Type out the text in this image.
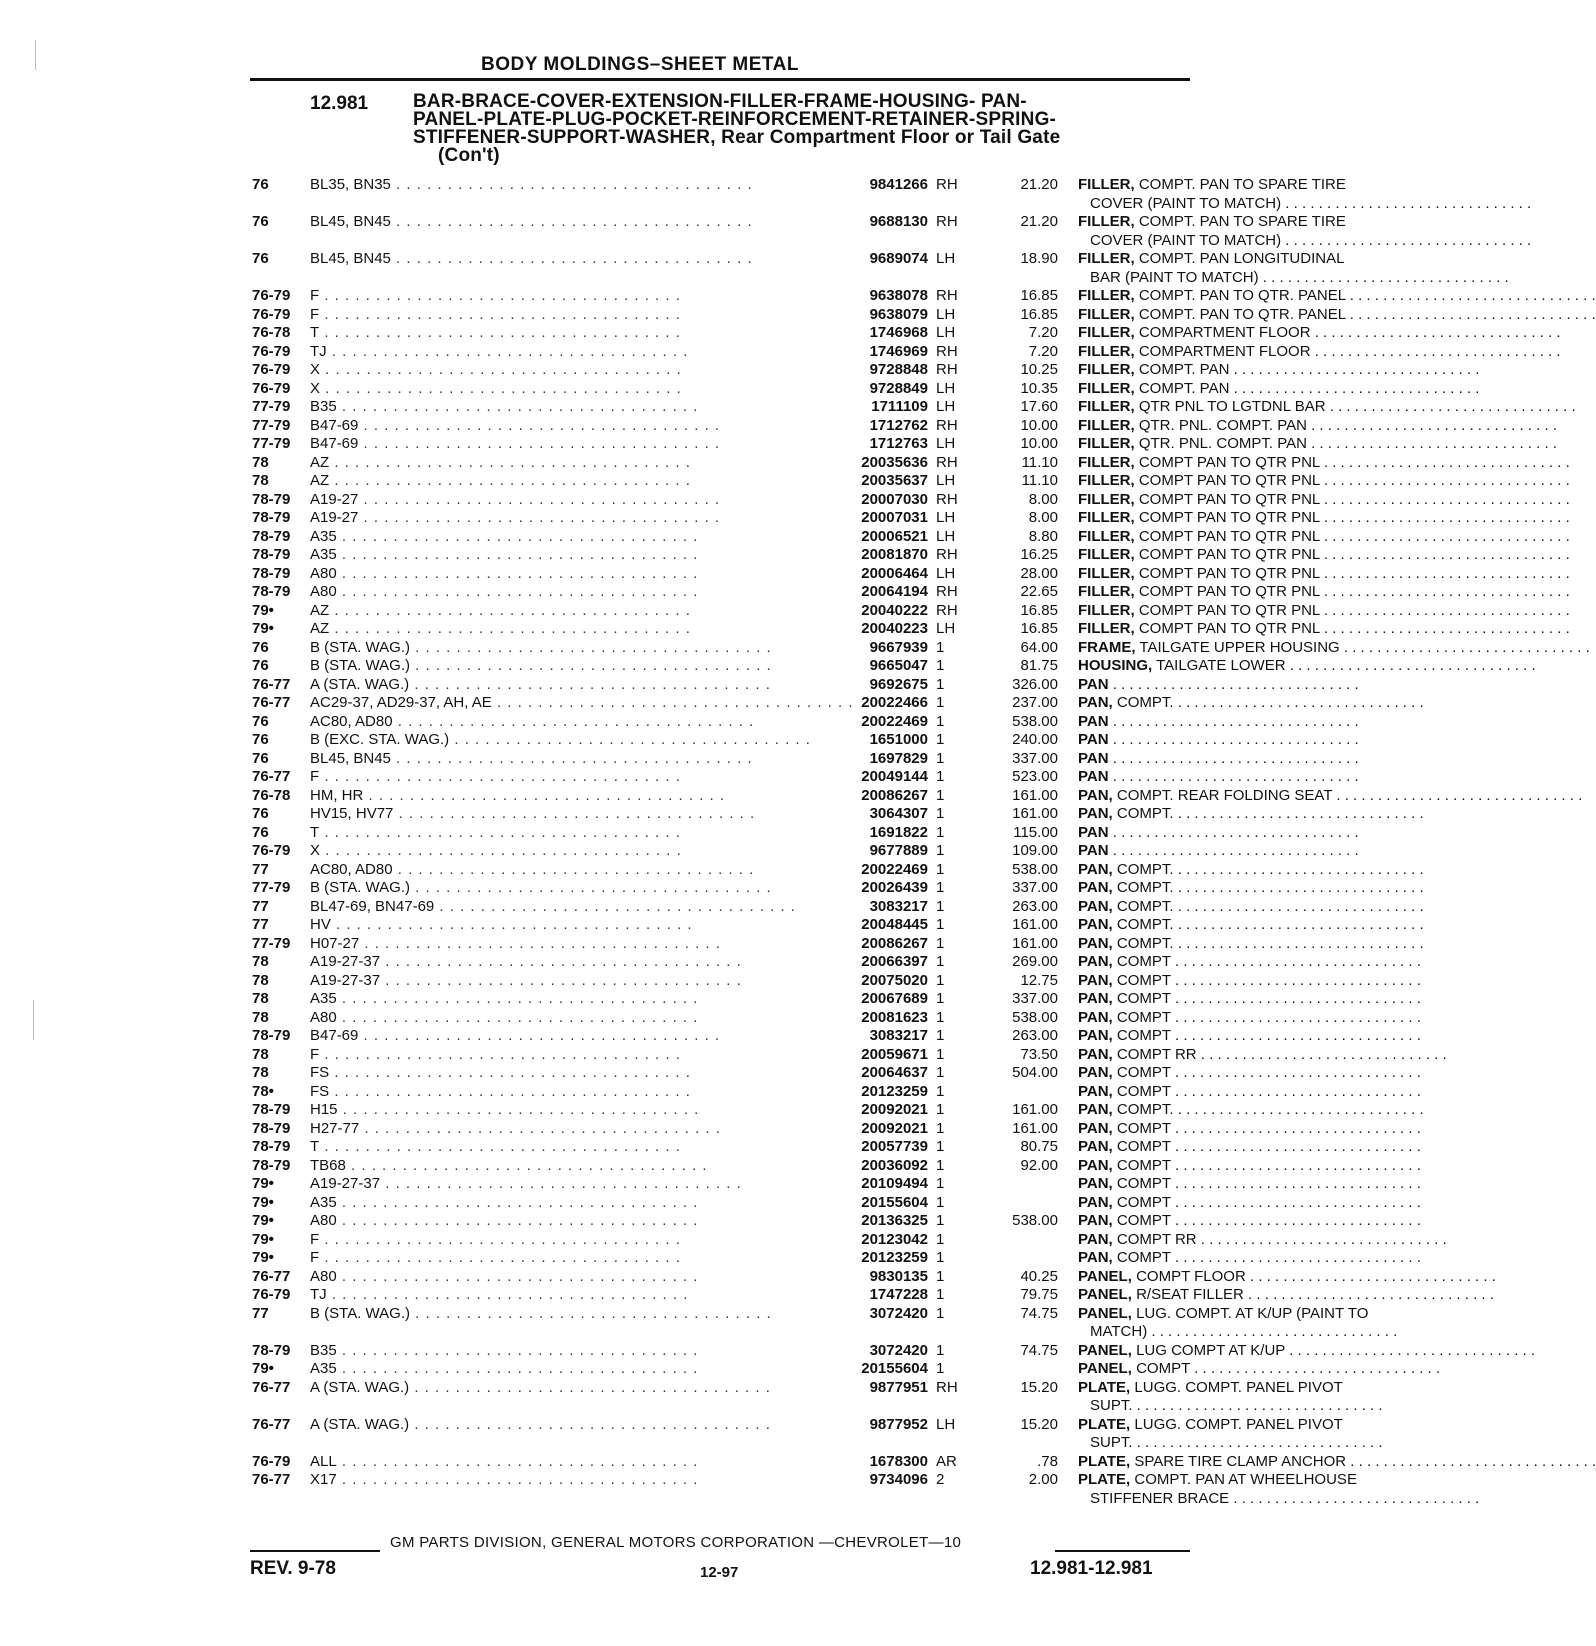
BODY MOLDINGS–SHEET METAL
12.981 BAR-BRACE-COVER-EXTENSION-FILLER-FRAME-HOUSING- PAN-
PANEL-PLATE-PLUG-POCKET-REINFORCEMENT-RETAINER-SPRING-
STIFFENER-SUPPORT-WASHER, Rear Compartment Floor or Tail Gate
(Con't)
76	BL35, BN35 . . . . . . . . . . . . . . . . . . . . . . . . . . . . . . . . . . .	9841266 RH	21.20 FILLER, COMPT. PAN TO SPARE TIRE
COVER (PAINT TO MATCH) . . . . . . . . . . . . . . . . . . . . . . . . . . . . . .
76	BL45, BN45 . . . . . . . . . . . . . . . . . . . . . . . . . . . . . . . . . . .	9688130 RH	21.20 FILLER, COMPT. PAN TO SPARE TIRE
COVER (PAINT TO MATCH) . . . . . . . . . . . . . . . . . . . . . . . . . . . . . .
76	BL45, BN45 . . . . . . . . . . . . . . . . . . . . . . . . . . . . . . . . . . .	9689074 LH	18.90 FILLER, COMPT. PAN LONGITUDINAL
BAR (PAINT TO MATCH) . . . . . . . . . . . . . . . . . . . . . . . . . . . . . .
76-79	F . . . . . . . . . . . . . . . . . . . . . . . . . . . . . . . . . . .	9638078 RH	16.85 FILLER, COMPT. PAN TO QTR. PANEL . . . . . . . . . . . . . . . . . . . . . . . . . . . . . .
76-79	F . . . . . . . . . . . . . . . . . . . . . . . . . . . . . . . . . . .	9638079 LH	16.85 FILLER, COMPT. PAN TO QTR. PANEL . . . . . . . . . . . . . . . . . . . . . . . . . . . . . .
76-78	T . . . . . . . . . . . . . . . . . . . . . . . . . . . . . . . . . . .	1746968 LH	7.20 FILLER, COMPARTMENT FLOOR . . . . . . . . . . . . . . . . . . . . . . . . . . . . . .
76-79	TJ . . . . . . . . . . . . . . . . . . . . . . . . . . . . . . . . . . .	1746969 RH	7.20 FILLER, COMPARTMENT FLOOR . . . . . . . . . . . . . . . . . . . . . . . . . . . . . .
76-79	X . . . . . . . . . . . . . . . . . . . . . . . . . . . . . . . . . . .	9728848 RH	10.25 FILLER, COMPT. PAN . . . . . . . . . . . . . . . . . . . . . . . . . . . . . .
76-79	X . . . . . . . . . . . . . . . . . . . . . . . . . . . . . . . . . . .	9728849 LH	10.35 FILLER, COMPT. PAN . . . . . . . . . . . . . . . . . . . . . . . . . . . . . .
77-79	B35 . . . . . . . . . . . . . . . . . . . . . . . . . . . . . . . . . . .	1711109 LH	17.60 FILLER, QTR PNL TO LGTDNL BAR . . . . . . . . . . . . . . . . . . . . . . . . . . . . . .
77-79	B47-69 . . . . . . . . . . . . . . . . . . . . . . . . . . . . . . . . . . .	1712762 RH	10.00 FILLER, QTR. PNL. COMPT. PAN . . . . . . . . . . . . . . . . . . . . . . . . . . . . . .
77-79	B47-69 . . . . . . . . . . . . . . . . . . . . . . . . . . . . . . . . . . .	1712763 LH	10.00 FILLER, QTR. PNL. COMPT. PAN . . . . . . . . . . . . . . . . . . . . . . . . . . . . . .
78	AZ . . . . . . . . . . . . . . . . . . . . . . . . . . . . . . . . . . .	20035636 RH	11.10 FILLER, COMPT PAN TO QTR PNL . . . . . . . . . . . . . . . . . . . . . . . . . . . . . .
78	AZ . . . . . . . . . . . . . . . . . . . . . . . . . . . . . . . . . . .	20035637 LH	11.10 FILLER, COMPT PAN TO QTR PNL . . . . . . . . . . . . . . . . . . . . . . . . . . . . . .
78-79	A19-27 . . . . . . . . . . . . . . . . . . . . . . . . . . . . . . . . . . .	20007030 RH	8.00 FILLER, COMPT PAN TO QTR PNL . . . . . . . . . . . . . . . . . . . . . . . . . . . . . .
78-79	A19-27 . . . . . . . . . . . . . . . . . . . . . . . . . . . . . . . . . . .	20007031 LH	8.00 FILLER, COMPT PAN TO QTR PNL . . . . . . . . . . . . . . . . . . . . . . . . . . . . . .
78-79	A35 . . . . . . . . . . . . . . . . . . . . . . . . . . . . . . . . . . .	20006521 LH	8.80 FILLER, COMPT PAN TO QTR PNL . . . . . . . . . . . . . . . . . . . . . . . . . . . . . .
78-79	A35 . . . . . . . . . . . . . . . . . . . . . . . . . . . . . . . . . . .	20081870 RH	16.25 FILLER, COMPT PAN TO QTR PNL . . . . . . . . . . . . . . . . . . . . . . . . . . . . . .
78-79	A80 . . . . . . . . . . . . . . . . . . . . . . . . . . . . . . . . . . .	20006464 LH	28.00 FILLER, COMPT PAN TO QTR PNL . . . . . . . . . . . . . . . . . . . . . . . . . . . . . .
78-79	A80 . . . . . . . . . . . . . . . . . . . . . . . . . . . . . . . . . . .	20064194 RH	22.65 FILLER, COMPT PAN TO QTR PNL . . . . . . . . . . . . . . . . . . . . . . . . . . . . . .
79•	AZ . . . . . . . . . . . . . . . . . . . . . . . . . . . . . . . . . . .	20040222 RH	16.85 FILLER, COMPT PAN TO QTR PNL . . . . . . . . . . . . . . . . . . . . . . . . . . . . . .
79•	AZ . . . . . . . . . . . . . . . . . . . . . . . . . . . . . . . . . . .	20040223 LH	16.85 FILLER, COMPT PAN TO QTR PNL . . . . . . . . . . . . . . . . . . . . . . . . . . . . . .
76	B (STA. WAG.) . . . . . . . . . . . . . . . . . . . . . . . . . . . . . . . . . . .	9667939 1	64.00 FRAME, TAILGATE UPPER HOUSING . . . . . . . . . . . . . . . . . . . . . . . . . . . . . .
76	B (STA. WAG.) . . . . . . . . . . . . . . . . . . . . . . . . . . . . . . . . . . .	9665047 1	81.75 HOUSING, TAILGATE LOWER . . . . . . . . . . . . . . . . . . . . . . . . . . . . . .
76-77	A (STA. WAG.) . . . . . . . . . . . . . . . . . . . . . . . . . . . . . . . . . . .	9692675 1	326.00 PAN . . . . . . . . . . . . . . . . . . . . . . . . . . . . . .
76-77	AC29-37, AD29-37, AH, AE . . . . . . . . . . . . . . . . . . . . . . . . . . . . . . . . . . . 20022466 1	237.00 PAN, COMPT. . . . . . . . . . . . . . . . . . . . . . . . . . . . . . .
76	AC80, AD80 . . . . . . . . . . . . . . . . . . . . . . . . . . . . . . . . . . .	20022469 1	538.00 PAN . . . . . . . . . . . . . . . . . . . . . . . . . . . . . .
76	B (EXC. STA. WAG.) . . . . . . . . . . . . . . . . . . . . . . . . . . . . . . . . . . .	1651000 1	240.00 PAN . . . . . . . . . . . . . . . . . . . . . . . . . . . . . .
76	BL45, BN45 . . . . . . . . . . . . . . . . . . . . . . . . . . . . . . . . . . .	1697829 1	337.00 PAN . . . . . . . . . . . . . . . . . . . . . . . . . . . . . .
76-77	F . . . . . . . . . . . . . . . . . . . . . . . . . . . . . . . . . . .	20049144 1	523.00 PAN . . . . . . . . . . . . . . . . . . . . . . . . . . . . . .
76-78	HM, HR . . . . . . . . . . . . . . . . . . . . . . . . . . . . . . . . . . .	20086267 1	161.00 PAN, COMPT. REAR FOLDING SEAT . . . . . . . . . . . . . . . . . . . . . . . . . . . . . .
76	HV15, HV77 . . . . . . . . . . . . . . . . . . . . . . . . . . . . . . . . . . .	3064307 1	161.00 PAN, COMPT. . . . . . . . . . . . . . . . . . . . . . . . . . . . . . .
76	T . . . . . . . . . . . . . . . . . . . . . . . . . . . . . . . . . . .	1691822 1	115.00 PAN . . . . . . . . . . . . . . . . . . . . . . . . . . . . . .
76-79	X . . . . . . . . . . . . . . . . . . . . . . . . . . . . . . . . . . .	9677889 1	109.00 PAN . . . . . . . . . . . . . . . . . . . . . . . . . . . . . .
77	AC80, AD80 . . . . . . . . . . . . . . . . . . . . . . . . . . . . . . . . . . .	20022469 1	538.00 PAN, COMPT. . . . . . . . . . . . . . . . . . . . . . . . . . . . . . .
77-79	B (STA. WAG.) . . . . . . . . . . . . . . . . . . . . . . . . . . . . . . . . . . .	20026439 1	337.00 PAN, COMPT. . . . . . . . . . . . . . . . . . . . . . . . . . . . . . .
77	BL47-69, BN47-69 . . . . . . . . . . . . . . . . . . . . . . . . . . . . . . . . . . .	3083217 1	263.00 PAN, COMPT. . . . . . . . . . . . . . . . . . . . . . . . . . . . . . .
77	HV . . . . . . . . . . . . . . . . . . . . . . . . . . . . . . . . . . .	20048445 1	161.00 PAN, COMPT. . . . . . . . . . . . . . . . . . . . . . . . . . . . . . .
77-79	H07-27 . . . . . . . . . . . . . . . . . . . . . . . . . . . . . . . . . . .	20086267 1	161.00 PAN, COMPT. . . . . . . . . . . . . . . . . . . . . . . . . . . . . . .
78	A19-27-37 . . . . . . . . . . . . . . . . . . . . . . . . . . . . . . . . . . .	20066397 1	269.00 PAN, COMPT . . . . . . . . . . . . . . . . . . . . . . . . . . . . . .
78	A19-27-37 . . . . . . . . . . . . . . . . . . . . . . . . . . . . . . . . . . .	20075020 1	12.75 PAN, COMPT . . . . . . . . . . . . . . . . . . . . . . . . . . . . . .
78	A35 . . . . . . . . . . . . . . . . . . . . . . . . . . . . . . . . . . .	20067689 1	337.00 PAN, COMPT . . . . . . . . . . . . . . . . . . . . . . . . . . . . . .
78	A80 . . . . . . . . . . . . . . . . . . . . . . . . . . . . . . . . . . .	20081623 1	538.00 PAN, COMPT . . . . . . . . . . . . . . . . . . . . . . . . . . . . . .
78-79	B47-69 . . . . . . . . . . . . . . . . . . . . . . . . . . . . . . . . . . .	3083217 1	263.00 PAN, COMPT . . . . . . . . . . . . . . . . . . . . . . . . . . . . . .
78	F . . . . . . . . . . . . . . . . . . . . . . . . . . . . . . . . . . .	20059671 1	73.50 PAN, COMPT RR . . . . . . . . . . . . . . . . . . . . . . . . . . . . . .
78	FS . . . . . . . . . . . . . . . . . . . . . . . . . . . . . . . . . . .	20064637 1	504.00 PAN, COMPT . . . . . . . . . . . . . . . . . . . . . . . . . . . . . .
78•	FS . . . . . . . . . . . . . . . . . . . . . . . . . . . . . . . . . . .	20123259 1	PAN, COMPT . . . . . . . . . . . . . . . . . . . . . . . . . . . . . .
78-79	H15 . . . . . . . . . . . . . . . . . . . . . . . . . . . . . . . . . . .	20092021 1	161.00 PAN, COMPT. . . . . . . . . . . . . . . . . . . . . . . . . . . . . . .
78-79	H27-77 . . . . . . . . . . . . . . . . . . . . . . . . . . . . . . . . . . .	20092021 1	161.00 PAN, COMPT . . . . . . . . . . . . . . . . . . . . . . . . . . . . . .
78-79	T . . . . . . . . . . . . . . . . . . . . . . . . . . . . . . . . . . .	20057739 1	80.75 PAN, COMPT . . . . . . . . . . . . . . . . . . . . . . . . . . . . . .
78-79	TB68 . . . . . . . . . . . . . . . . . . . . . . . . . . . . . . . . . . .	20036092 1	92.00 PAN, COMPT . . . . . . . . . . . . . . . . . . . . . . . . . . . . . .
79•	A19-27-37 . . . . . . . . . . . . . . . . . . . . . . . . . . . . . . . . . . .	20109494 1	PAN, COMPT . . . . . . . . . . . . . . . . . . . . . . . . . . . . . .
79•	A35 . . . . . . . . . . . . . . . . . . . . . . . . . . . . . . . . . . .	20155604 1	PAN, COMPT . . . . . . . . . . . . . . . . . . . . . . . . . . . . . .
79•	A80 . . . . . . . . . . . . . . . . . . . . . . . . . . . . . . . . . . .	20136325 1	538.00 PAN, COMPT . . . . . . . . . . . . . . . . . . . . . . . . . . . . . .
79•	F . . . . . . . . . . . . . . . . . . . . . . . . . . . . . . . . . . .	20123042 1	PAN, COMPT RR . . . . . . . . . . . . . . . . . . . . . . . . . . . . . .
79•	F . . . . . . . . . . . . . . . . . . . . . . . . . . . . . . . . . . .	20123259 1	PAN, COMPT . . . . . . . . . . . . . . . . . . . . . . . . . . . . . .
76-77	A80 . . . . . . . . . . . . . . . . . . . . . . . . . . . . . . . . . . .	9830135 1	40.25 PANEL, COMPT FLOOR . . . . . . . . . . . . . . . . . . . . . . . . . . . . . .
76-79	TJ . . . . . . . . . . . . . . . . . . . . . . . . . . . . . . . . . . .	1747228 1	79.75 PANEL, R/SEAT FILLER . . . . . . . . . . . . . . . . . . . . . . . . . . . . . .
77	B (STA. WAG.) . . . . . . . . . . . . . . . . . . . . . . . . . . . . . . . . . . .	3072420 1	74.75 PANEL, LUG. COMPT. AT K/UP (PAINT TO
MATCH) . . . . . . . . . . . . . . . . . . . . . . . . . . . . . .
78-79	B35 . . . . . . . . . . . . . . . . . . . . . . . . . . . . . . . . . . .	3072420 1	74.75 PANEL, LUG COMPT AT K/UP . . . . . . . . . . . . . . . . . . . . . . . . . . . . . .
79•	A35 . . . . . . . . . . . . . . . . . . . . . . . . . . . . . . . . . . .	20155604 1	PANEL, COMPT . . . . . . . . . . . . . . . . . . . . . . . . . . . . . .
76-77	A (STA. WAG.) . . . . . . . . . . . . . . . . . . . . . . . . . . . . . . . . . . .	9877951 RH	15.20 PLATE, LUGG. COMPT. PANEL PIVOT
SUPT. . . . . . . . . . . . . . . . . . . . . . . . . . . . . . .
76-77	A (STA. WAG.) . . . . . . . . . . . . . . . . . . . . . . . . . . . . . . . . . . .	9877952 LH	15.20 PLATE, LUGG. COMPT. PANEL PIVOT
SUPT. . . . . . . . . . . . . . . . . . . . . . . . . . . . . . .
76-79	ALL . . . . . . . . . . . . . . . . . . . . . . . . . . . . . . . . . . .	1678300 AR	.78 PLATE, SPARE TIRE CLAMP ANCHOR . . . . . . . . . . . . . . . . . . . . . . . . . . . . . .
76-77	X17 . . . . . . . . . . . . . . . . . . . . . . . . . . . . . . . . . . .	9734096 2	2.00 PLATE, COMPT. PAN AT WHEELHOUSE
STIFFENER BRACE . . . . . . . . . . . . . . . . . . . . . . . . . . . . . .
GM PARTS DIVISION, GENERAL MOTORS CORPORATION —CHEVROLET—10
REV. 9-78	12-97	12.981-12.981
